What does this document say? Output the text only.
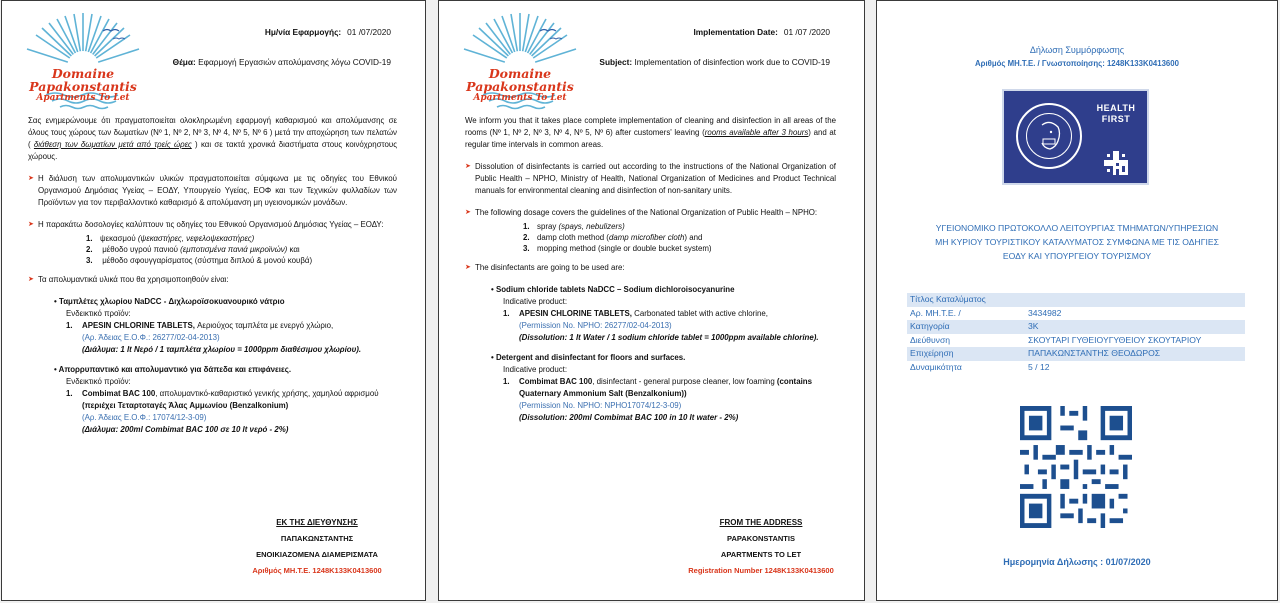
Domaine Papakonstantis
Apartments To Let
Ημ/νία Εφαρμογής: 01 /07/2020
Θέμα: Εφαρμογή Εργασιών απολύμανσης λόγω COVID-19

Σας ενημερώνουμε ότι πραγματοποιείται ολοκληρωμένη εφαρμογή καθαρισμού και απολύμανσης σε όλους τους χώρους των δωματίων (Νº 1, Nº 2, Nº 3, Nº 4, Nº 5, Nº 6 ) μετά την αποχώρηση των πελατών ( διάθεση των δωματίων μετά από τρείς ώρες ) και σε τακτά χρονικά διαστήματα στους κοινόχρηστους χώρους.

➤ Η διάλυση των απολυμαντικών υλικών πραγματοποιείται σύμφωνα με τις οδηγίες του Εθνικού Οργανισμού Δημόσιας Υγείας – ΕΟΔΥ, Υπουργείο Υγείας, ΕΟΦ και των Τεχνικών φυλλαδίων των Προϊόντων για τον περιβαλλοντικό καθαρισμό & απολύμανση μη υγειονομικών μονάδων.
➤ Η παρακάτω δοσολογίες καλύπτουν τις οδηγίες του Εθνικού Οργανισμού Δημόσιας Υγείας – ΕΟΔΥ:
1. ψεκασμού (ψεκαστήρες, νεφελοψεκαστήρες)
2. μέθοδο υγρού πανιού (εμποτισμένα πανιά μικροϊνών) και
3. μέθοδο σφουγγαρίσματος (σύστημα διπλού & μονού κουβά)
➤ Τα απολυμαντικά υλικά που θα χρησιμοποιηθούν είναι:
• Ταμπλέτες χλωρίου NaDCC - Διχλωροϊσοκυανουρικό νάτριο
Ενδεικτικό προϊόν:
1.	APESIN CHLORINE TABLETS, Αεριούχος ταμπλέτα με ενεργό χλώριο,
(Αρ. Άδειας Ε.Ο.Φ.: 26277/02-04-2013)
(Διάλυμα: 1 lt Νερό / 1 ταμπλέτα χλωρίου = 1000ppm διαθέσιμου χλωρίου).
• Απορρυπαντικό και απολυμαντικό για δάπεδα και επιφάνειες.
Ενδεικτικό προϊόν:
1.	Combimat BAC 100, απολυμαντικό-καθαριστικό γενικής χρήσης, χαμηλού αφρισμού (περιέχει Τεταρτοταγές Άλας Αμμωνίου (Benzalkonium)
(Αρ. Άδειας Ε.Ο.Φ.: 17074/12-3-09)
(Διάλυμα: 200ml Combimat BAC 100 σε 10 lt νερό - 2%)
ΕΚ ΤΗΣ ΔΙΕΥΘΥΝΣΗΣ
ΠΑΠΑΚΩΝΣΤΑΝΤΗΣ
ΕΝΟΙΚΙΑΖΟΜΕΝΑ ΔΙΑΜΕΡΙΣΜΑΤΑ
Αριθμός ΜΗ.Τ.Ε. 1248K133K0413600
Domaine Papakonstantis
Apartments To Let
Implementation Date: 01 /07 /2020
Subject: Implementation of disinfection work due to COVID-19

We inform you that it takes place complete implementation of cleaning and disinfection in all areas of the rooms (Nº 1, Nº 2, Nº 3, Nº 4, Nº 5, Nº 6) after customers' leaving (rooms available after 3 hours) and at regular time intervals in common areas.

➤ Dissolution of disinfectants is carried out according to the instructions of the National Organization of Public Health – NPHO, Ministry of Health, National Organization of Medicines and Product Technical manuals for environmental cleaning and disinfection of non-sanitary units.
➤ The following dosage covers the guidelines of the National Organization of Public Health – NPHO:
1. spray (spays, nebulizers)
2. damp cloth method (damp microfiber cloth) and
3. mopping method (single or double bucket system)
➤ The disinfectants are going to be used are:
• Sodium chloride tablets NaDCC – Sodium dichloroisocyanurine
Indicative product:
1.	APESIN CHLORINE TABLETS, Carbonated tablet with active chlorine,
(Permission No. NPHO: 26277/02-04-2013)
(Dissolution: 1 lt Water / 1 sodium chloride tablet = 1000ppm available chlorine).
• Detergent and disinfectant for floors and surfaces.
Indicative product:
1.	Combimat BAC 100, disinfectant - general purpose cleaner, low foaming (contains Quaternary Ammonium Salt (Benzalkonium))
(Permission No. NPHO: NPHO17074/12-3-09)
(Dissolution: 200ml Combimat BAC 100 in 10 lt water - 2%)
FROM THE ADDRESS
PAPAKONSTANTIS
APARTMENTS TO LET
Registration Number 1248K133K0413600
Δήλωση Συμμόρφωσης
Αριθμός ΜΗ.Τ.Ε. / Γνωστοποίησης: 1248K133K0413600
HEALTH
FIRST
ΥΓΕΙΟΝΟΜΙΚΟ ΠΡΩΤΟΚΟΛΛΟ ΛΕΙΤΟΥΡΓΙΑΣ ΤΜΗΜΑΤΩΝ/ΥΠΗΡΕΣΙΩΝ
ΜΗ ΚΥΡΙΟΥ ΤΟΥΡΙΣΤΙΚΟΥ ΚΑΤΑΛΥΜΑΤΟΣ ΣΥΜΦΩΝΑ ΜΕ ΤΙΣ ΟΔΗΓΙΕΣ
ΕΟΔΥ ΚΑΙ ΥΠΟΥΡΓΕΙΟΥ ΤΟΥΡΙΣΜΟΥ
Τίτλος Καταλύματος
Αρ. ΜΗ.Τ.Ε. /	3434982
Κατηγορία	3K
Διεύθυνση	ΣΚΟΥΤΑΡΙ ΓΥΘΕΙΟΥΓΥΘΕΙΟΥ ΣΚΟΥΤΑΡΙΟΥ
Επιχείρηση	ΠΑΠΑΚΩΝΣΤΑΝΤΗΣ ΘΕΟΔΩΡΟΣ
Δυναμικότητα	5 / 12
Ημερομηνία Δήλωσης : 01/07/2020
